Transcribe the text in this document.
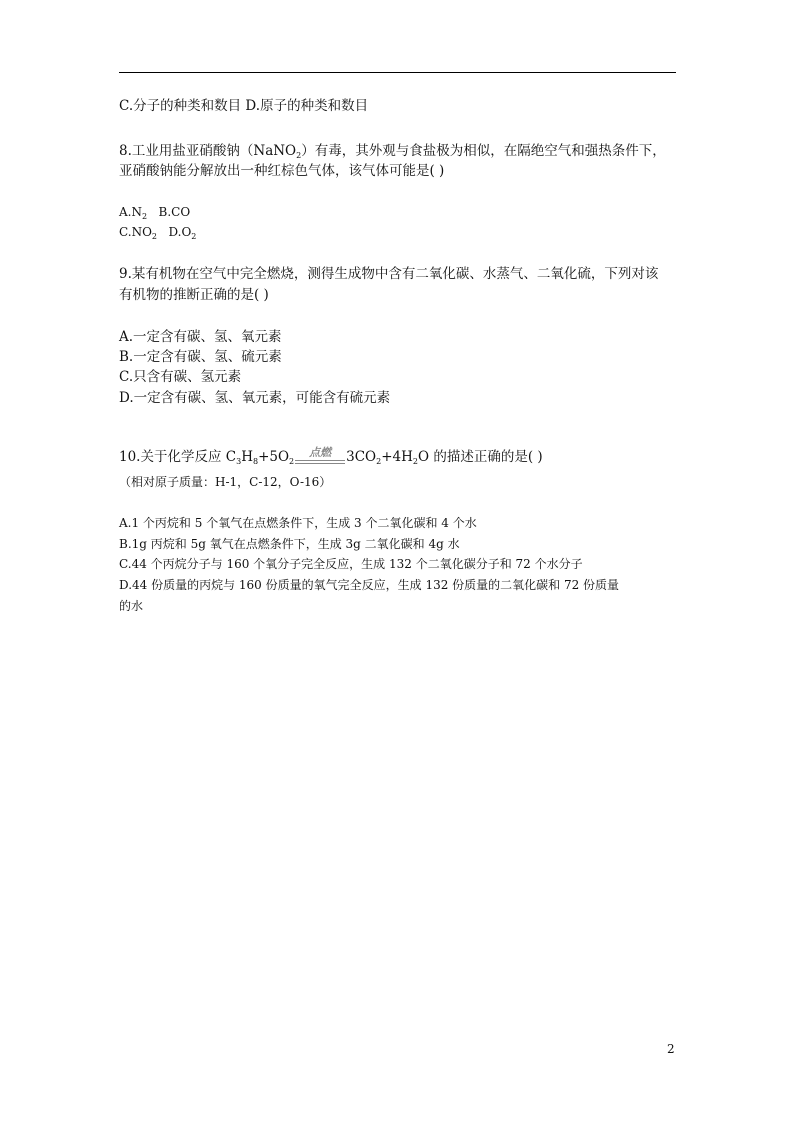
C.分子的种类和数目 D.原子的种类和数目
8.工业用盐亚硝酸钠（NaNO$_2$）有毒，其外观与食盐极为相似，在隔绝空气和强热条件下，
亚硝酸钠能分解放出一种红棕色气体，该气体可能是( )
$A.N_2$   B.CO
$C.NO_2$   $D.O_2$
9.某有机物在空气中完全燃烧，测得生成物中含有二氧化碳、水蒸气、二氧化硫，下列对该
有机物的推断正确的是( )
A.一定含有碳、氢、氧元素
B.一定含有碳、氢、硫元素
C.只含有碳、氢元素
D.一定含有碳、氢、氧元素，可能含有硫元素
10.关于化学反应 $C_3H_8+5O_2$
点燃	$3CO_2+4H_2O$ 的描述正确的是( )
（相对原子质量：H-1，C-12，O-16）
A.1 个丙烷和 5 个氧气在点燃条件下，生成 3 个二氧化碳和 4 个水
B.1g 丙烷和 5g 氧气在点燃条件下，生成 3g 二氧化碳和 4g 水
C.44 个丙烷分子与 160 个氧分子完全反应，生成 132 个二氧化碳分子和 72 个水分子
D.44 份质量的丙烷与 160 份质量的氧气完全反应，生成 132 份质量的二氧化碳和 72 份质量
的水
2
